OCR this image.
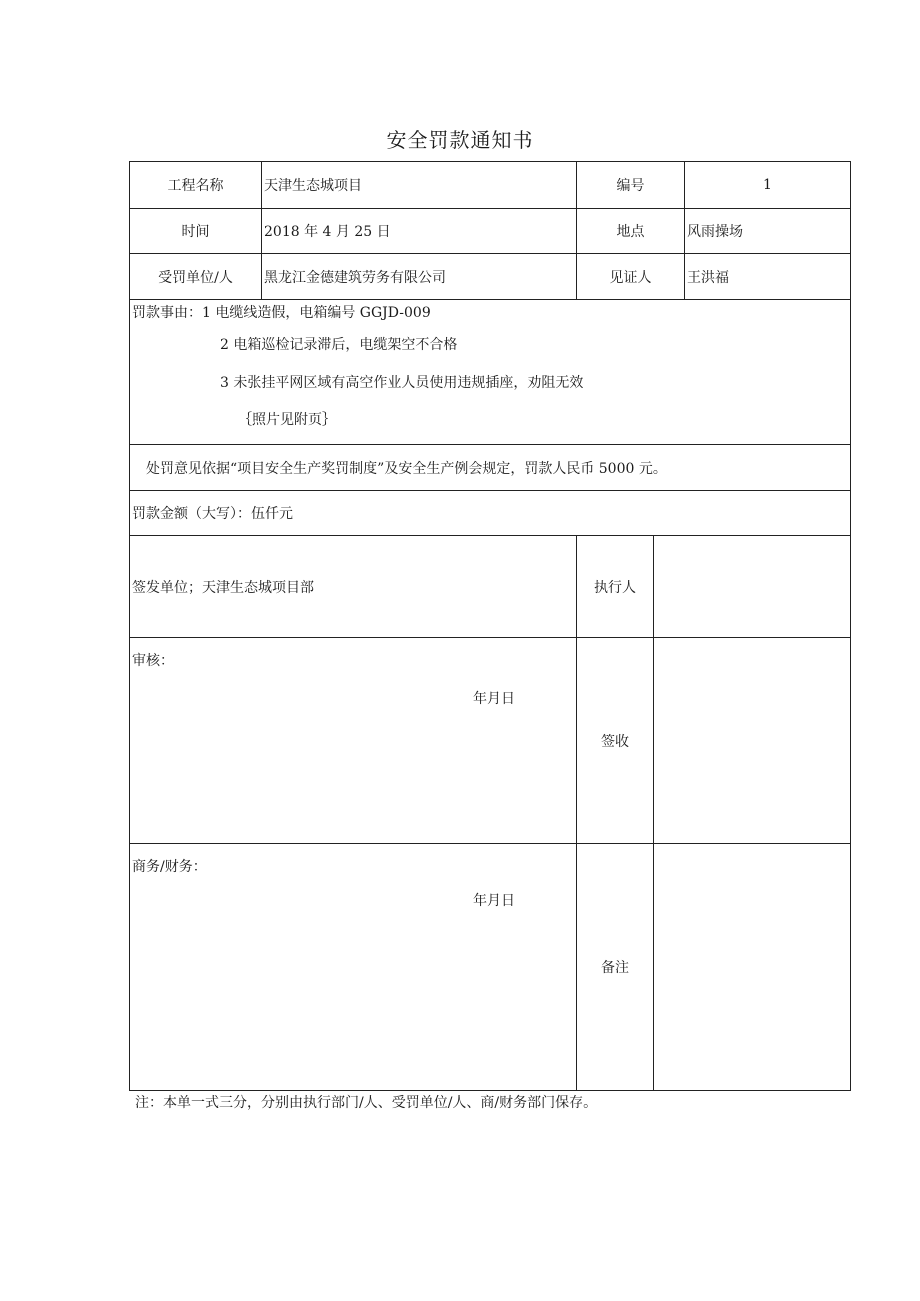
安全罚款通知书
工程名称	天津生态城项目	编号		1
时间	2018 年 4 月 25 日	地点		风雨操场
受罚单位/人	黑龙江金德建筑劳务有限公司	见证人		王洪福

罚款事由：1 电缆线造假，电箱编号 GGJD-009
2 电箱巡检记录滞后，电缆架空不合格
3 未张挂平网区域有高空作业人员使用违规插座，劝阻无效
｛照片见附页｝				

处罚意见依据“项目安全生产奖罚制度”及安全生产例会规定，罚款人民币 5000 元。				
罚款金额（大写）：伍仟元				
签发单位；天津生态城项目部		执行人		

审核：
年月日		签收		

商务/财务：
年月日		备注		
注：本单一式三分，分别由执行部门/人、受罚单位/人、商/财务部门保存。
